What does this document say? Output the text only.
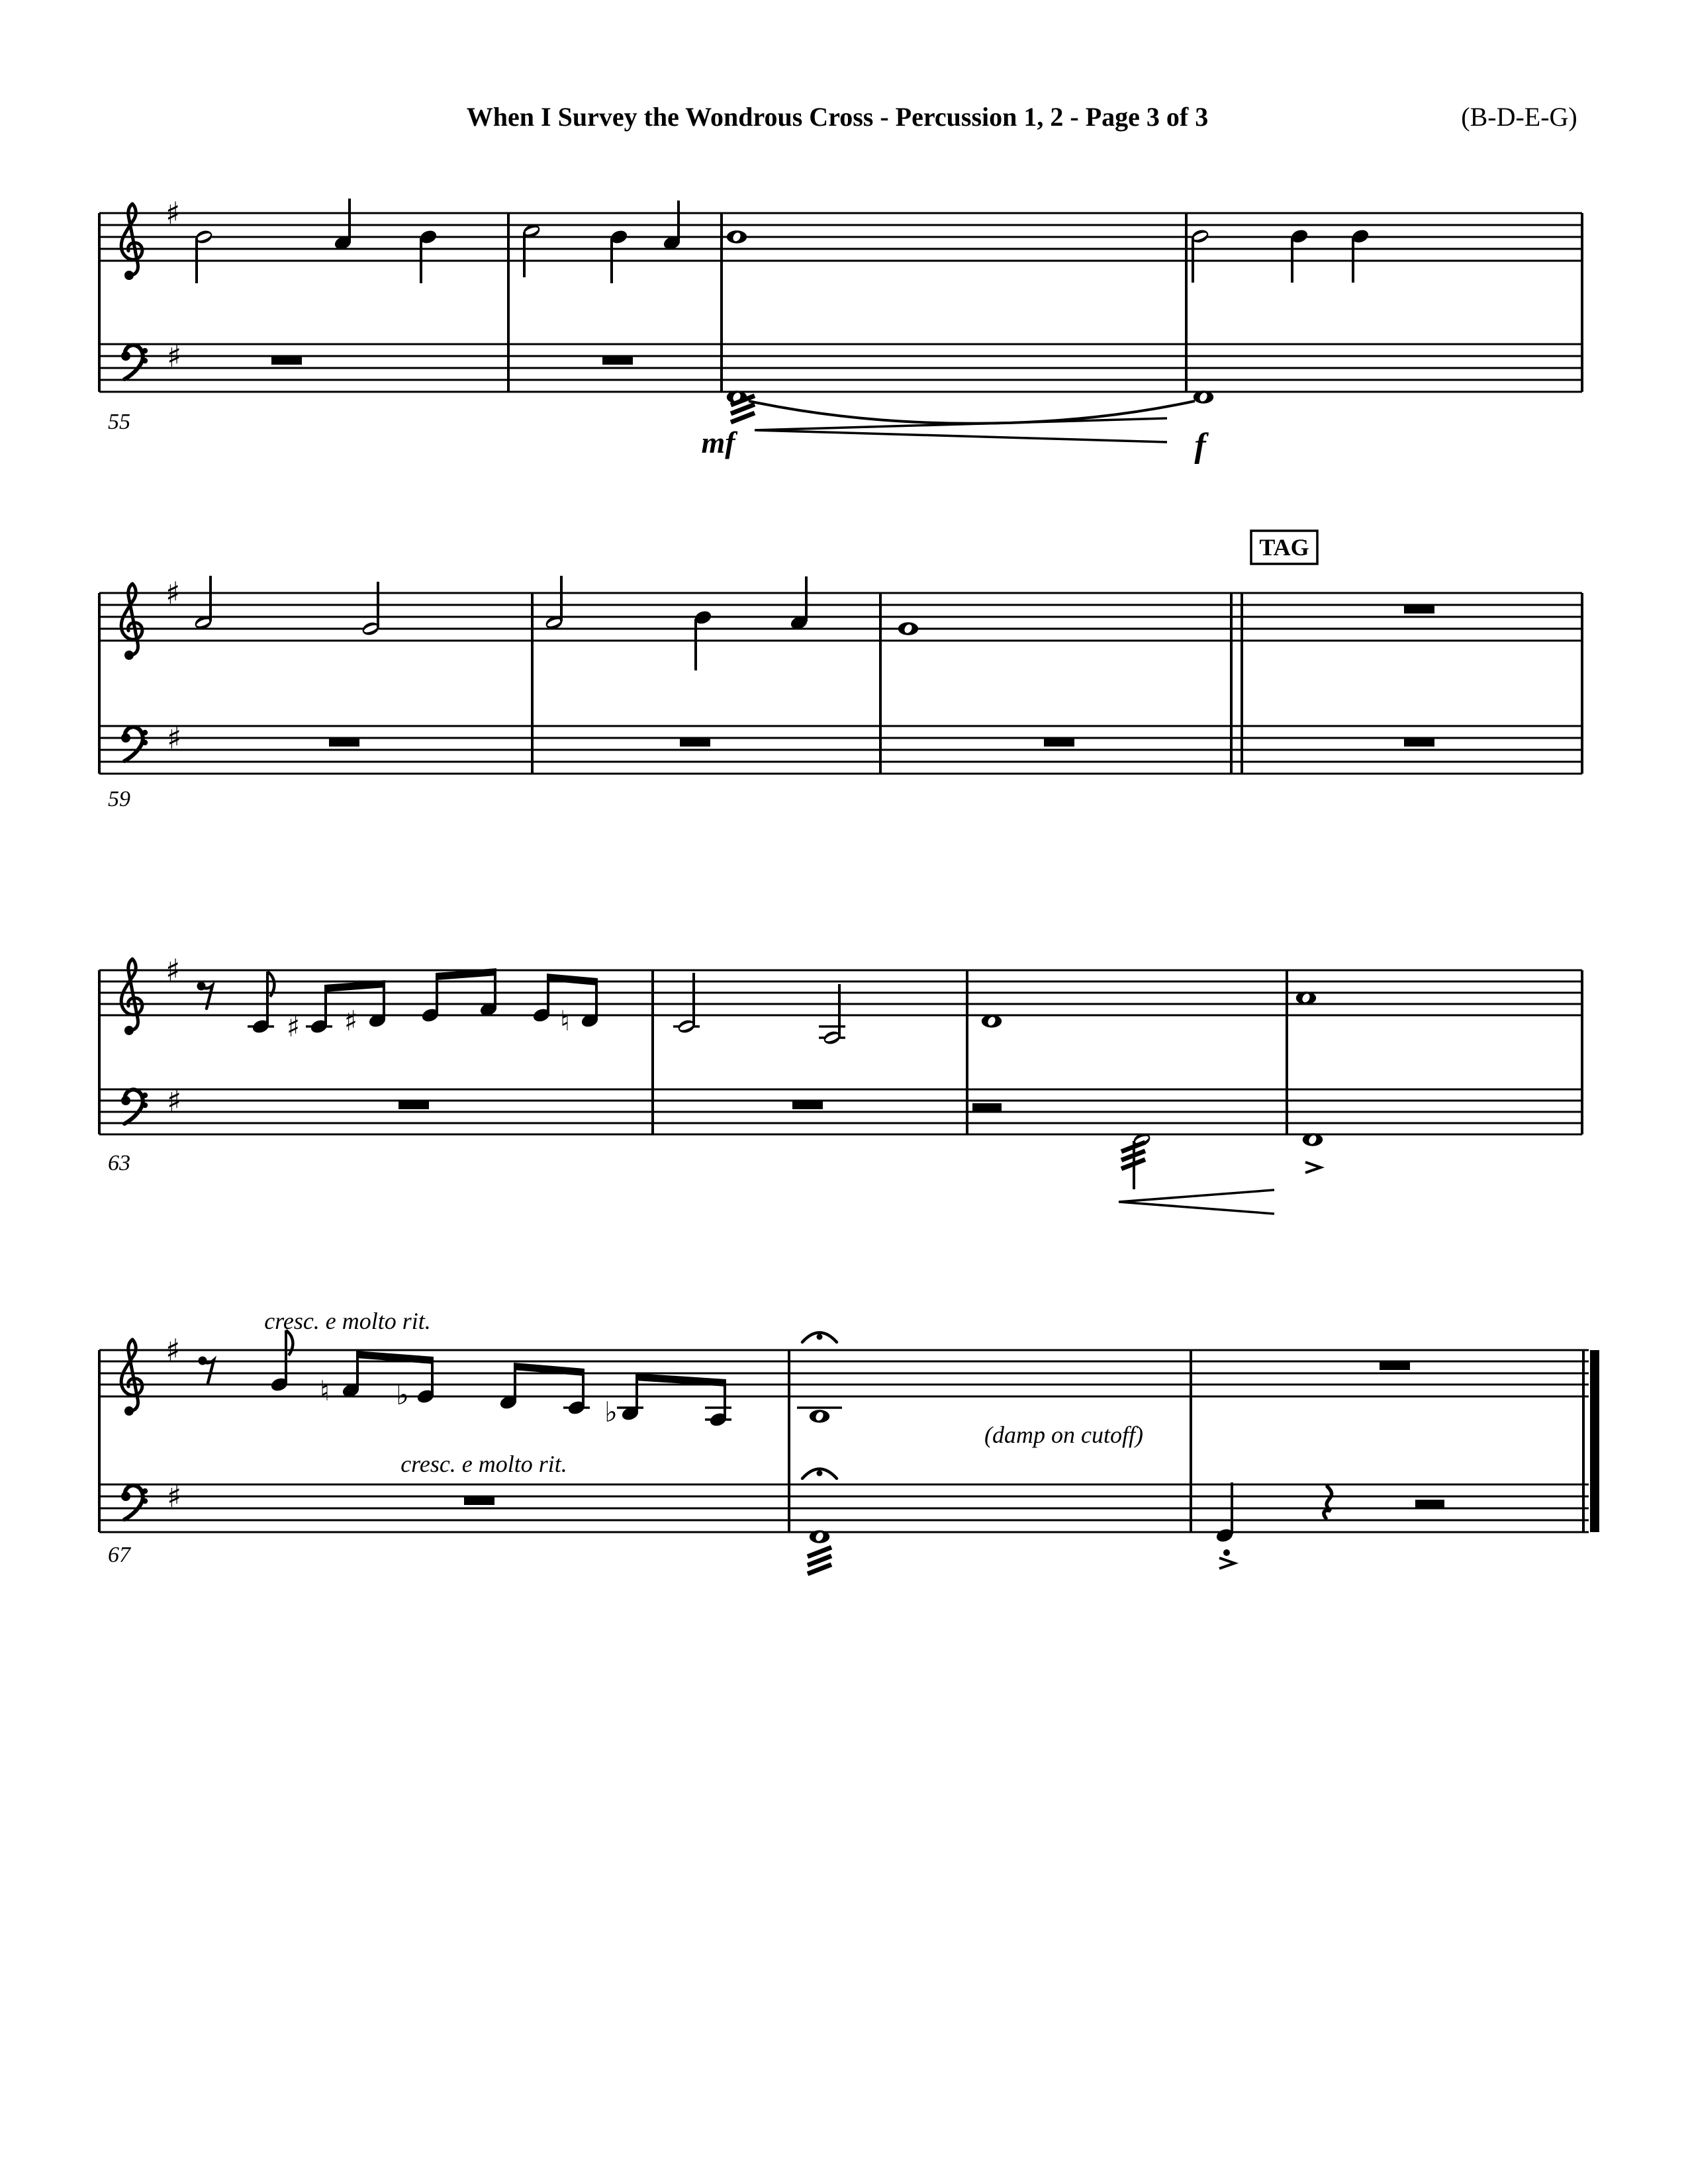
When I Survey the Wondrous Cross - Percussion 1, 2 - Page 3 of 3	(B-D-E-G)
♯
♯
55
mf	f
♯
♯
59
TAG
♯
♯
63
♯ ♯	♮
♯
♯
67
cresc. e molto rit.
cresc. e molto rit.
(damp on cutoff)
♮ ♭
♭
